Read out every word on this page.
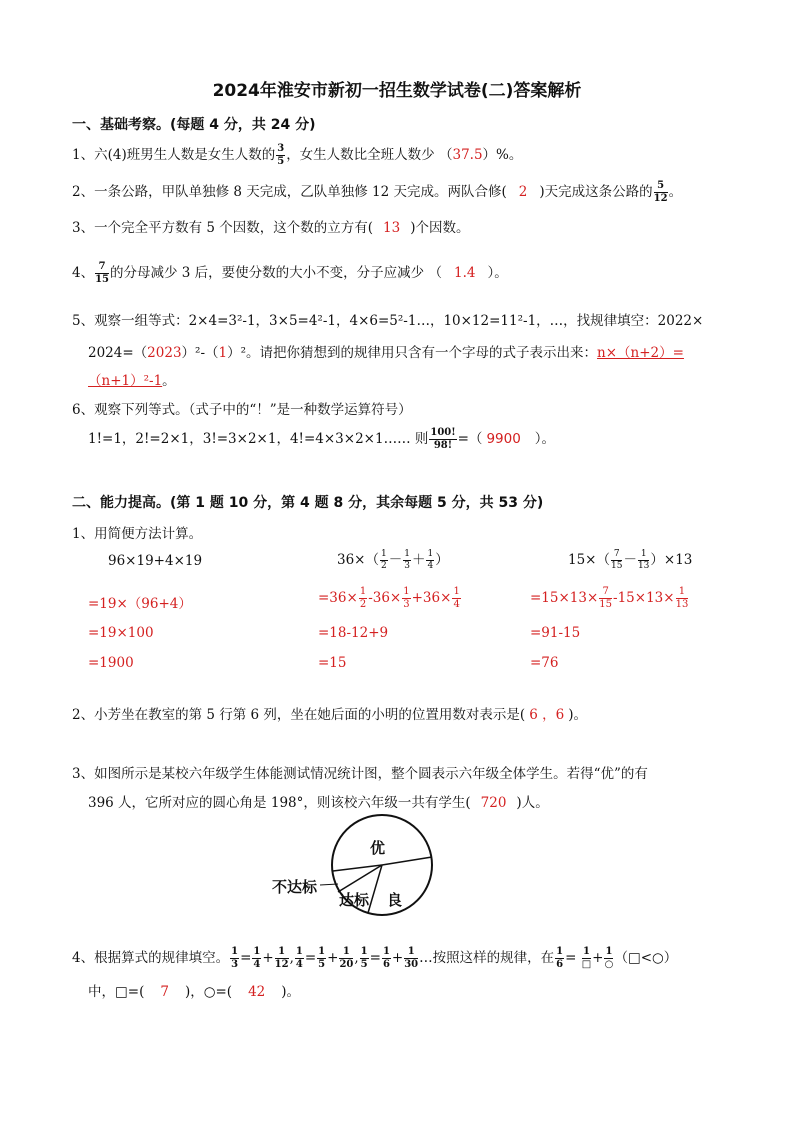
2024年淮安市新初一招生数学试卷(二)答案解析
一、基础考察。(每题 4 分，共 24 分)
1、六(4)班男生人数是女生人数的 $\frac{3}{5}$ ，女生人数比全班人数少 （37.5）%。
2、一条公路，甲队单独修 8 天完成，乙队单独修 12 天完成。两队合修( 2 )天完成这条公路的 $\frac{5}{12}$ 。
3、一个完全平方数有 5 个因数，这个数的立方有( 13 )个因数。
4、 $\frac{7}{15}$ 的分母减少 3 后，要使分数的大小不变，分子应减少 （ 1.4 ）。
5、观察一组等式：2×4=3²-1，3×5=4²-1，4×6=5²-1…，10×12=11²-1，…，找规律填空：2022×
2024=（2023）²-（1）²。请把你猜想到的规律用只含有一个字母的式子表示出来：n×（n+2）=
（n+1）²-1。
6、观察下列等式。（式子中的“！”是一种数学运算符号）
1!=1，2!=2×1，3!=3×2×1，4!=4×3×2×1…… 则 $\frac{100!}{98!}$ =（ 9900 ）。
二、能力提高。(第 1 题 10 分，第 4 题 8 分，其余每题 5 分，共 53 分)
1、用简便方法计算。
96×19+4×19
=19×（96+4）
=19×100
=1900
$36\times( \frac{1}{2} - \frac{1}{3} + \frac{1}{4}$ ）
$=36\times \frac{1}{2} -36\times \frac{1}{3} +36\times \frac{1}{4}$
=18-12+9
=15
$15\times( \frac{7}{15} - \frac{1}{13} )\times 13$
$=15\times 13\times \frac{7}{15} -15\times 13\times \frac{1}{13}$
=91-15
=76
2、小芳坐在教室的第 5 行第 6 列，坐在她后面的小明的位置用数对表示是( 6 ，6 )。
3、如图所示是某校六年级学生体能测试情况统计图，整个圆表示六年级全体学生。若得“优”的有
396 人，它所对应的圆心角是 198°，则该校六年级一共有学生( 720 )人。
优
良
达标
不达标
4、根据算式的规律填空。 $\frac{1}{3} = \frac{1}{4} + \frac{1}{12}$ , $\frac{1}{4} = \frac{1}{5} + \frac{1}{20}$ , $\frac{1}{5} = \frac{1}{6} + \frac{1}{30}$ …按照这样的规律，在 $\frac{1}{6} = \frac{1}{□} + \frac{1}{○}$ （□<○）
中，□=( 7 )，○=( 42 )。
